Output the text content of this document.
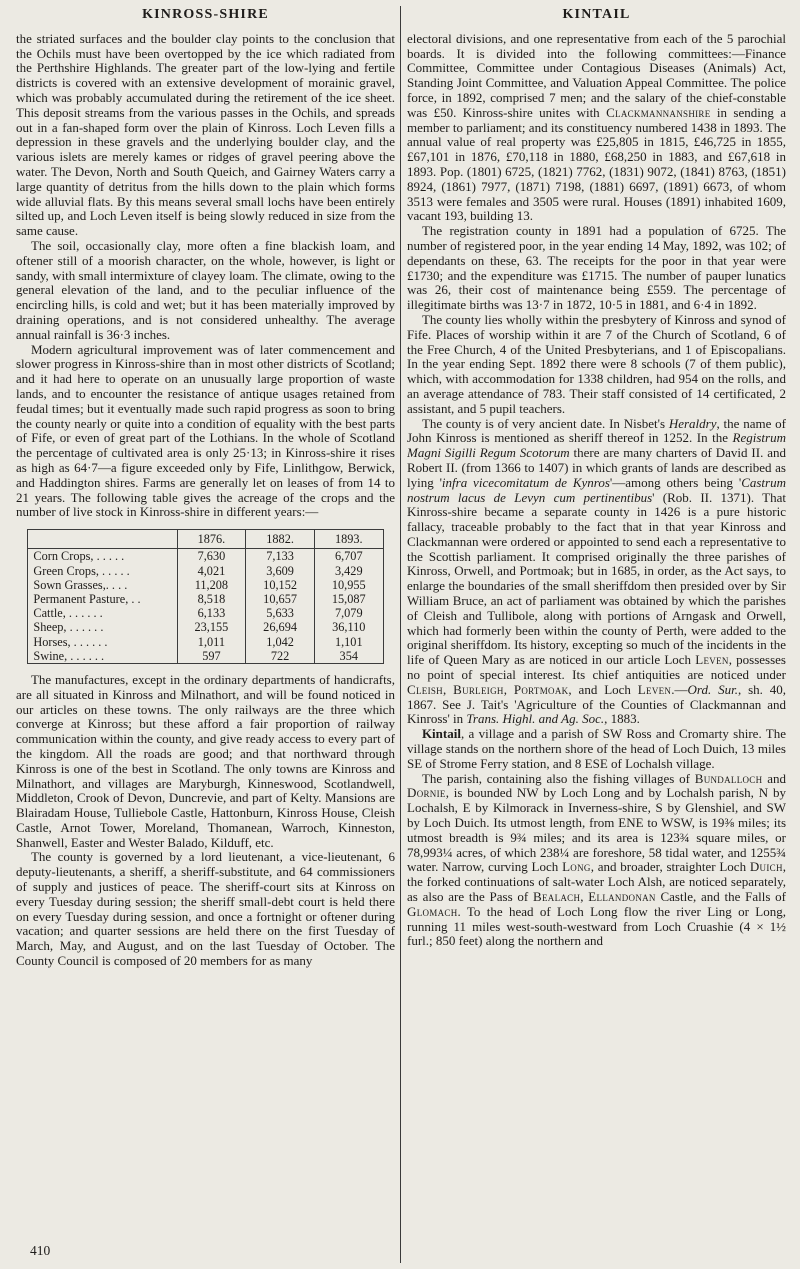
KINROSS-SHIRE

the striated surfaces and the boulder clay points to the conclusion that the Ochils must have been overtopped by the ice which radiated from the Perthshire Highlands. The greater part of the low-lying and fertile districts is covered with an extensive development of morainic gravel, which was probably accumulated during the retirement of the ice sheet. This deposit streams from the various passes in the Ochils, and spreads out in a fan-shaped form over the plain of Kinross. Loch Leven fills a depression in these gravels and the underlying boulder clay, and the various islets are merely kames or ridges of gravel peering above the water. The Devon, North and South Queich, and Gairney Waters carry a large quantity of detritus from the hills down to the plain which forms wide alluvial flats. By this means several small lochs have been entirely silted up, and Loch Leven itself is being slowly reduced in size from the same cause.

The soil, occasionally clay, more often a fine blackish loam, and oftener still of a moorish character, on the whole, however, is light or sandy, with small intermixture of clayey loam. The climate, owing to the general elevation of the land, and to the peculiar influence of the encircling hills, is cold and wet; but it has been materially improved by draining operations, and is not considered unhealthy. The average annual rainfall is 36·3 inches.

Modern agricultural improvement was of later commencement and slower progress in Kinross-shire than in most other districts of Scotland; and it had here to operate on an unusually large proportion of waste lands, and to encounter the resistance of antique usages retained from feudal times; but it eventually made such rapid progress as soon to bring the county nearly or quite into a condition of equality with the best parts of Fife, or even of great part of the Lothians. In the whole of Scotland the percentage of cultivated area is only 25·13; in Kinross-shire it rises as high as 64·7—a figure exceeded only by Fife, Linlithgow, Berwick, and Haddington shires. Farms are generally let on leases of from 14 to 21 years. The following table gives the acreage of the crops and the number of live stock in Kinross-shire in different years:—

	1876.	1882.	1893.
Corn Crops, . . . . .	7,630	7,133	6,707
Green Crops, . . . . .	4,021	3,609	3,429
Sown Grasses,. . . .	11,208	10,152	10,955
Permanent Pasture, . .	8,518	10,657	15,087
Cattle, . . . . . .	6,133	5,633	7,079
Sheep, . . . . . .	23,155	26,694	36,110
Horses, . . . . . .	1,011	1,042	1,101
Swine, . . . . . .	597	722	354

The manufactures, except in the ordinary departments of handicrafts, are all situated in Kinross and Milnathort, and will be found noticed in our articles on these towns. The only railways are the three which converge at Kinross; but these afford a fair proportion of railway communication within the county, and give ready access to every part of the kingdom. All the roads are good; and that northward through Kinross is one of the best in Scotland. The only towns are Kinross and Milnathort, and villages are Maryburgh, Kinneswood, Scotlandwell, Middleton, Crook of Devon, Duncrevie, and part of Kelty. Mansions are Blairadam House, Tulliebole Castle, Hattonburn, Kinross House, Cleish Castle, Arnot Tower, Moreland, Thomanean, Warroch, Kinneston, Shanwell, Easter and Wester Balado, Kilduff, etc.

The county is governed by a lord lieutenant, a vice-lieutenant, 6 deputy-lieutenants, a sheriff, a sheriff-substitute, and 64 commissioners of supply and justices of peace. The sheriff-court sits at Kinross on every Tuesday during session; the sheriff small-debt court is held there on every Tuesday during session, and once a fortnight or oftener during vacation; and quarter sessions are held there on the first Tuesday of March, May, and August, and on the last Tuesday of October. The County Council is composed of 20 members for as many

KINTAIL

electoral divisions, and one representative from each of the 5 parochial boards. It is divided into the following committees:—Finance Committee, Committee under Contagious Diseases (Animals) Act, Standing Joint Committee, and Valuation Appeal Committee. The police force, in 1892, comprised 7 men; and the salary of the chief-constable was £50. Kinross-shire unites with Clackmannanshire in sending a member to parliament; and its constituency numbered 1438 in 1893. The annual value of real property was £25,805 in 1815, £46,725 in 1855, £67,101 in 1876, £70,118 in 1880, £68,250 in 1883, and £67,618 in 1893. Pop. (1801) 6725, (1821) 7762, (1831) 9072, (1841) 8763, (1851) 8924, (1861) 7977, (1871) 7198, (1881) 6697, (1891) 6673, of whom 3513 were females and 3505 were rural. Houses (1891) inhabited 1609, vacant 193, building 13.

The registration county in 1891 had a population of 6725. The number of registered poor, in the year ending 14 May, 1892, was 102; of dependants on these, 63. The receipts for the poor in that year were £1730; and the expenditure was £1715. The number of pauper lunatics was 26, their cost of maintenance being £559. The percentage of illegitimate births was 13·7 in 1872, 10·5 in 1881, and 6·4 in 1892.

The county lies wholly within the presbytery of Kinross and synod of Fife. Places of worship within it are 7 of the Church of Scotland, 6 of the Free Church, 4 of the United Presbyterians, and 1 of Episcopalians. In the year ending Sept. 1892 there were 8 schools (7 of them public), which, with accommodation for 1338 children, had 954 on the rolls, and an average attendance of 783. Their staff consisted of 14 certificated, 2 assistant, and 5 pupil teachers.

The county is of very ancient date. In Nisbet's Heraldry, the name of John Kinross is mentioned as sheriff thereof in 1252. In the Registrum Magni Sigilli Regum Scotorum there are many charters of David II. and Robert II. (from 1366 to 1407) in which grants of lands are described as lying 'infra vicecomitatum de Kynros'—among others being 'Castrum nostrum lacus de Levyn cum pertinentibus' (Rob. II. 1371). That Kinross-shire became a separate county in 1426 is a pure historic fallacy, traceable probably to the fact that in that year Kinross and Clackmannan were ordered or appointed to send each a representative to the Scottish parliament. It comprised originally the three parishes of Kinross, Orwell, and Portmoak; but in 1685, in order, as the Act says, to enlarge the boundaries of the small sheriffdom then presided over by Sir William Bruce, an act of parliament was obtained by which the parishes of Cleish and Tullibole, along with portions of Arngask and Orwell, which had formerly been within the county of Perth, were added to the original sheriffdom. Its history, excepting so much of the incidents in the life of Queen Mary as are noticed in our article Loch Leven, possesses no point of special interest. Its chief antiquities are noticed under Cleish, Burleigh, Portmoak, and Loch Leven.—Ord. Sur., sh. 40, 1867. See J. Tait's 'Agriculture of the Counties of Clackmannan and Kinross' in Trans. Highl. and Ag. Soc., 1883.

Kintail, a village and a parish of SW Ross and Cromarty shire. The village stands on the northern shore of the head of Loch Duich, 13 miles SE of Strome Ferry station, and 8 ESE of Lochalsh village.

The parish, containing also the fishing villages of Bundalloch and Dornie, is bounded NW by Loch Long and by Lochalsh parish, N by Lochalsh, E by Kilmorack in Inverness-shire, S by Glenshiel, and SW by Loch Duich. Its utmost length, from ENE to WSW, is 19⅜ miles; its utmost breadth is 9¾ miles; and its area is 123¾ square miles, or 78,993¼ acres, of which 238¼ are foreshore, 58 tidal water, and 1255¾ water. Narrow, curving Loch Long, and broader, straighter Loch Duich, the forked continuations of salt-water Loch Alsh, are noticed separately, as also are the Pass of Bealach, Ellandonan Castle, and the Falls of Glomach. To the head of Loch Long flow the river Ling or Long, running 11 miles west-south-westward from Loch Cruashie (4 × 1½ furl.; 850 feet) along the northern and

410
